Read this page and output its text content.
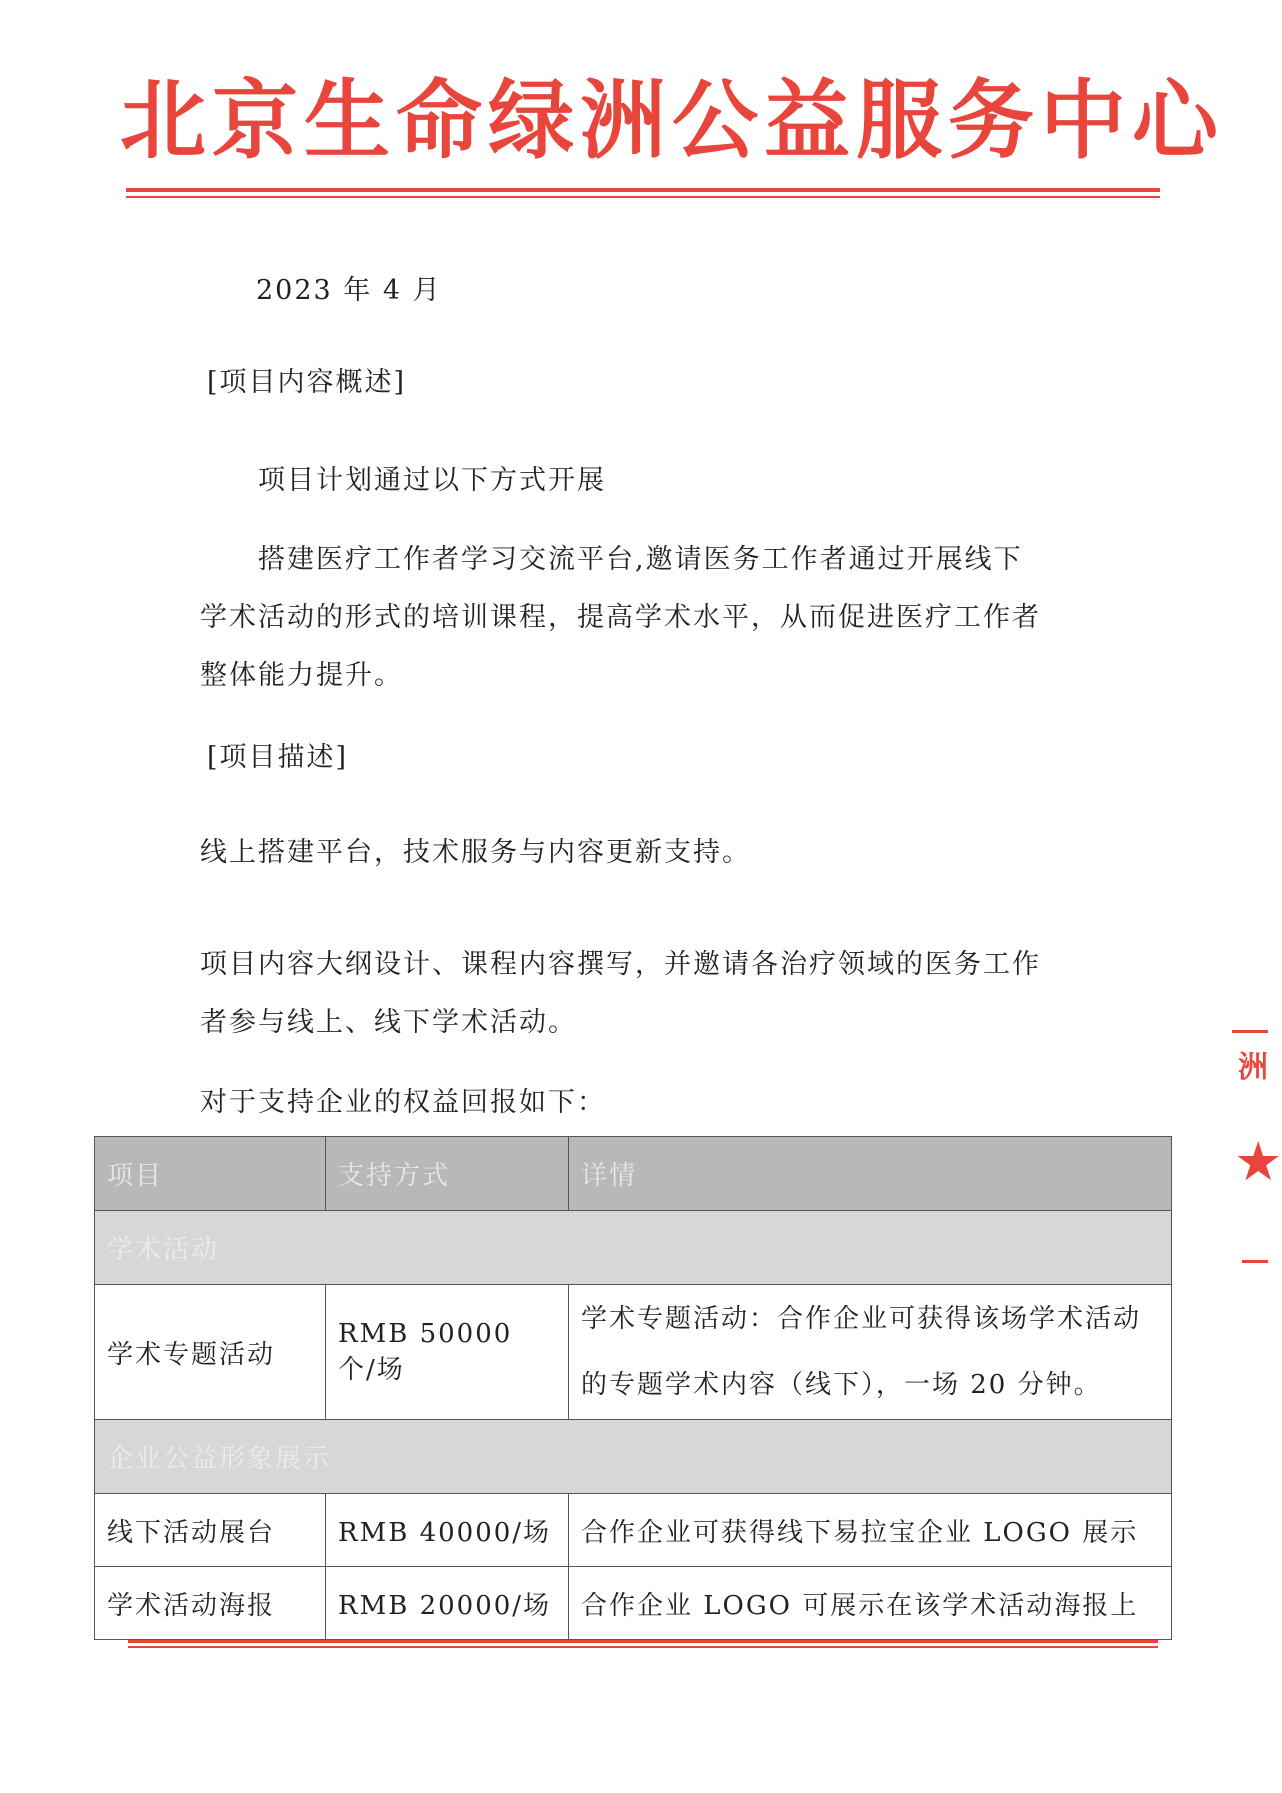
北京生命绿洲公益服务中心
2023 年 4 月
[项目内容概述]
项目计划通过以下方式开展
搭建医疗工作者学习交流平台,邀请医务工作者通过开展线下
学术活动的形式的培训课程，提高学术水平，从而促进医疗工作者
整体能力提升。
[项目描述]
线上搭建平台，技术服务与内容更新支持。
项目内容大纲设计、课程内容撰写，并邀请各治疗领域的医务工作
者参与线上、线下学术活动。
对于支持企业的权益回报如下：
项目	支持方式	详情
学术活动		
学术专题活动	RMB 50000 个/场	学术专题活动：合作企业可获得该场学术活动的专题学术内容（线下），一场 20 分钟。
企业公益形象展示		
线下活动展台	RMB 40000/场	合作企业可获得线下易拉宝企业 LOGO 展示
学术活动海报	RMB 20000/场	合作企业 LOGO 可展示在该学术活动海报上
洲
★
